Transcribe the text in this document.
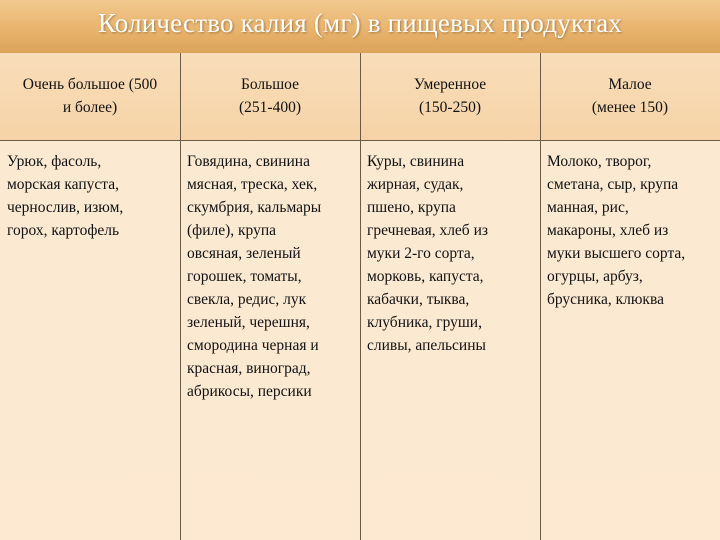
Количество калия (мг) в пищевых продуктах
Очень большое (500
и более)
Урюк, фасоль,
морская капуста,
чернослив, изюм,
горох, картофель
Большое
(251-400)
Говядина, свинина
мясная, треска, хек,
скумбрия, кальмары
(филе), крупа
овсяная, зеленый
горошек, томаты,
свекла, редис, лук
зеленый, черешня,
смородина черная и
красная, виноград,
абрикосы, персики
Умеренное
(150-250)
Куры, свинина
жирная, судак,
пшено, крупа
гречневая, хлеб из
муки 2-го сорта,
морковь, капуста,
кабачки, тыква,
клубника, груши,
сливы, апельсины
Малое
(менее 150)
Молоко, творог,
сметана, сыр, крупа
манная, рис,
макароны, хлеб из
муки высшего сорта,
огурцы, арбуз,
брусника, клюква
